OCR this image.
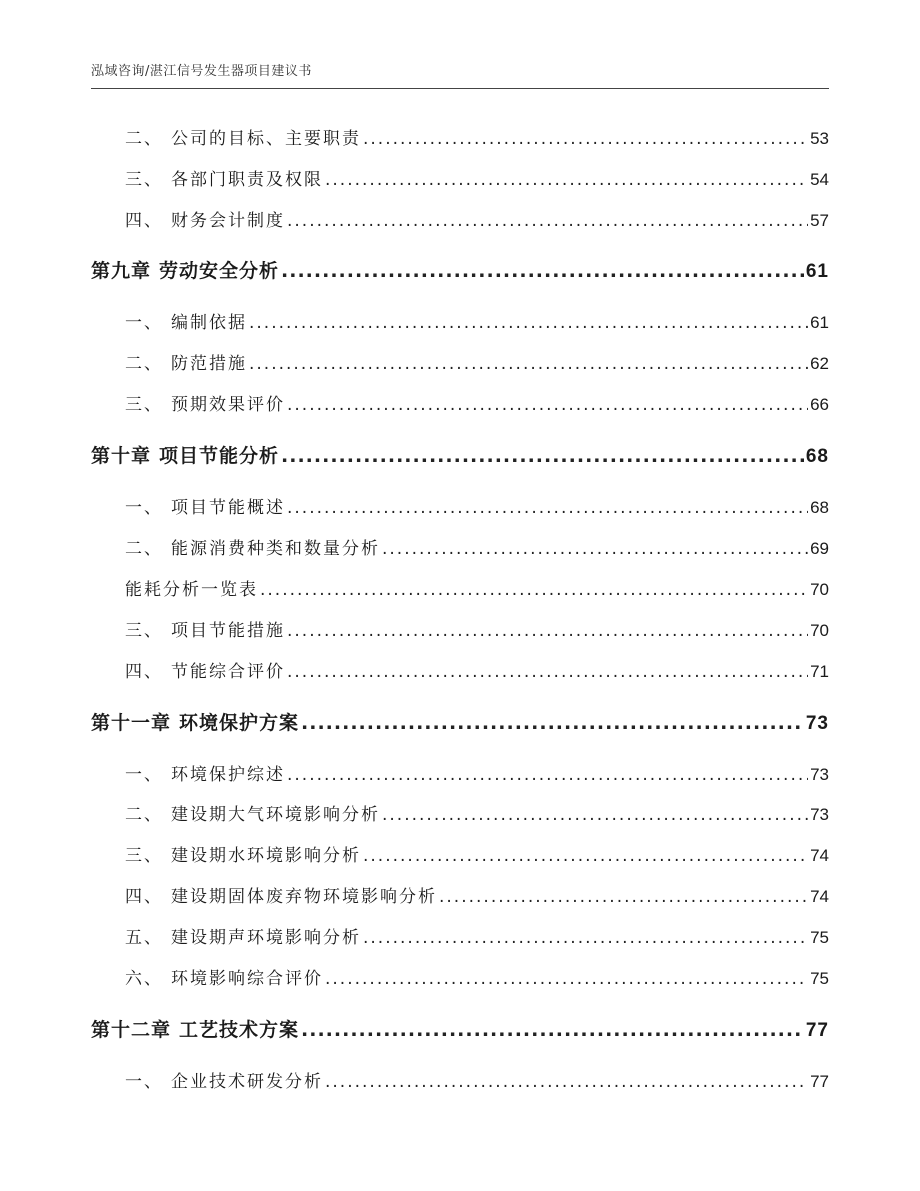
泓域咨询/湛江信号发生器项目建议书
二、 公司的目标、主要职责 .....	53
三、 各部门职责及权限 .....	54
四、 财务会计制度 .....	57
第九章 劳动安全分析 .....	61
一、 编制依据 .....	61
二、 防范措施 .....	62
三、 预期效果评价 .....	66
第十章 项目节能分析 .....	68
一、 项目节能概述 .....	68
二、 能源消费种类和数量分析 .....	69
能耗分析一览表 .....	70
三、 项目节能措施 .....	70
四、 节能综合评价 .....	71
第十一章 环境保护方案 .....	73
一、 环境保护综述 .....	73
二、 建设期大气环境影响分析 .....	73
三、 建设期水环境影响分析 .....	74
四、 建设期固体废弃物环境影响分析 .....	74
五、 建设期声环境影响分析 .....	75
六、 环境影响综合评价 .....	75
第十二章 工艺技术方案 .....	77
一、 企业技术研发分析 .....	77
